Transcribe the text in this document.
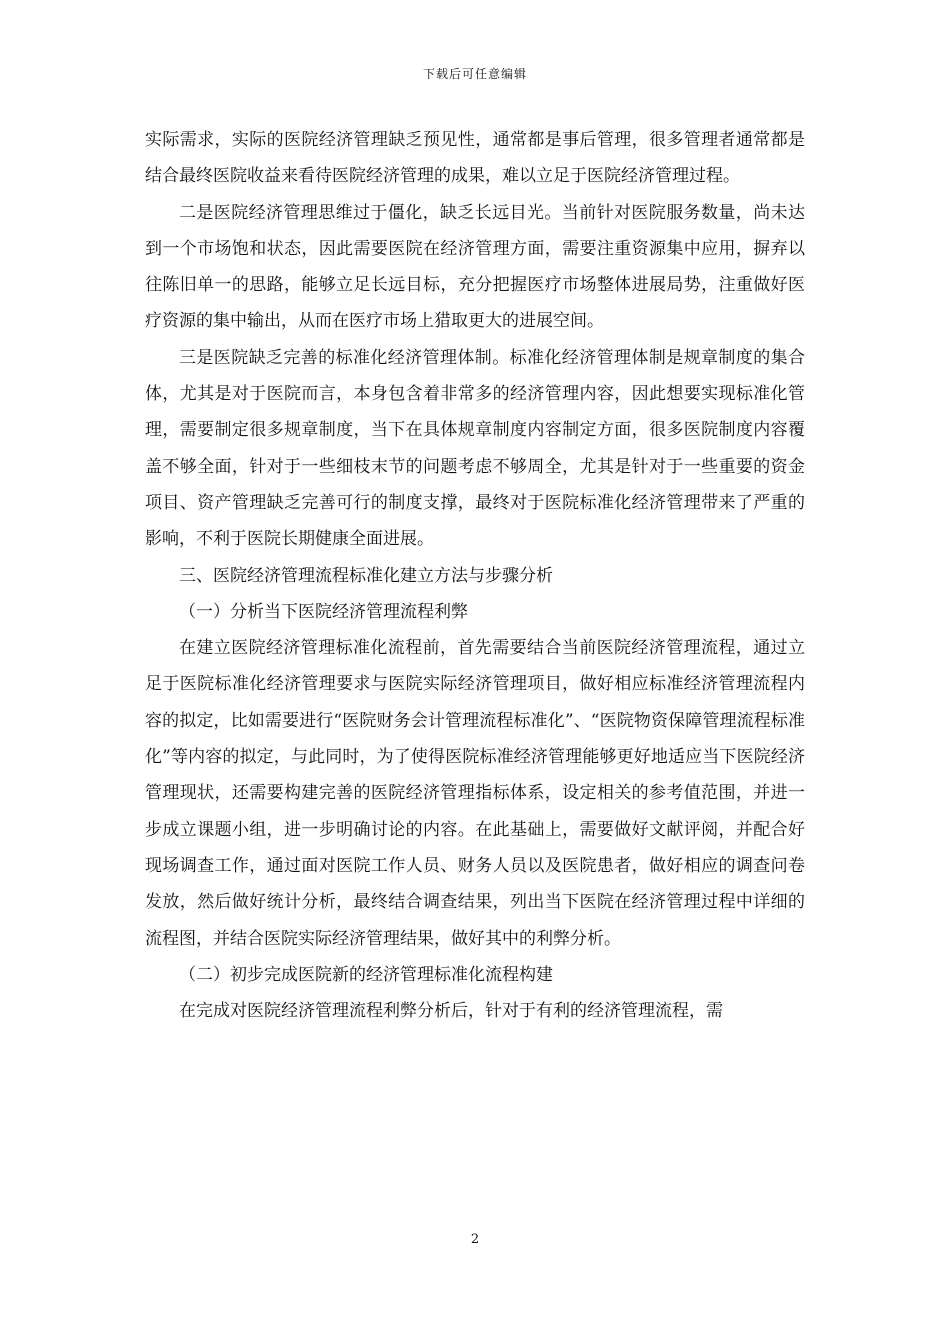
下载后可任意编辑

实际需求，实际的医院经济管理缺乏预见性，通常都是事后管理，很多管理者通常都是结合最终医院收益来看待医院经济管理的成果，难以立足于医院经济管理过程。

二是医院经济管理思维过于僵化，缺乏长远目光。当前针对医院服务数量，尚未达到一个市场饱和状态，因此需要医院在经济管理方面，需要注重资源集中应用，摒弃以往陈旧单一的思路，能够立足长远目标，充分把握医疗市场整体进展局势，注重做好医疗资源的集中输出，从而在医疗市场上猎取更大的进展空间。

三是医院缺乏完善的标准化经济管理体制。标准化经济管理体制是规章制度的集合体，尤其是对于医院而言，本身包含着非常多的经济管理内容，因此想要实现标准化管理，需要制定很多规章制度，当下在具体规章制度内容制定方面，很多医院制度内容覆盖不够全面，针对于一些细枝末节的问题考虑不够周全，尤其是针对于一些重要的资金项目、资产管理缺乏完善可行的制度支撑，最终对于医院标准化经济管理带来了严重的影响，不利于医院长期健康全面进展。

三、医院经济管理流程标准化建立方法与步骤分析

（一）分析当下医院经济管理流程利弊

在建立医院经济管理标准化流程前，首先需要结合当前医院经济管理流程，通过立足于医院标准化经济管理要求与医院实际经济管理项目，做好相应标准经济管理流程内容的拟定，比如需要进行“医院财务会计管理流程标准化”、“医院物资保障管理流程标准化”等内容的拟定，与此同时，为了使得医院标准经济管理能够更好地适应当下医院经济管理现状，还需要构建完善的医院经济管理指标体系，设定相关的参考值范围，并进一步成立课题小组，进一步明确讨论的内容。在此基础上，需要做好文献评阅，并配合好现场调查工作，通过面对医院工作人员、财务人员以及医院患者，做好相应的调查问卷发放，然后做好统计分析，最终结合调查结果，列出当下医院在经济管理过程中详细的流程图，并结合医院实际经济管理结果，做好其中的利弊分析。

（二）初步完成医院新的经济管理标准化流程构建

在完成对医院经济管理流程利弊分析后，针对于有利的经济管理流程，需

2
